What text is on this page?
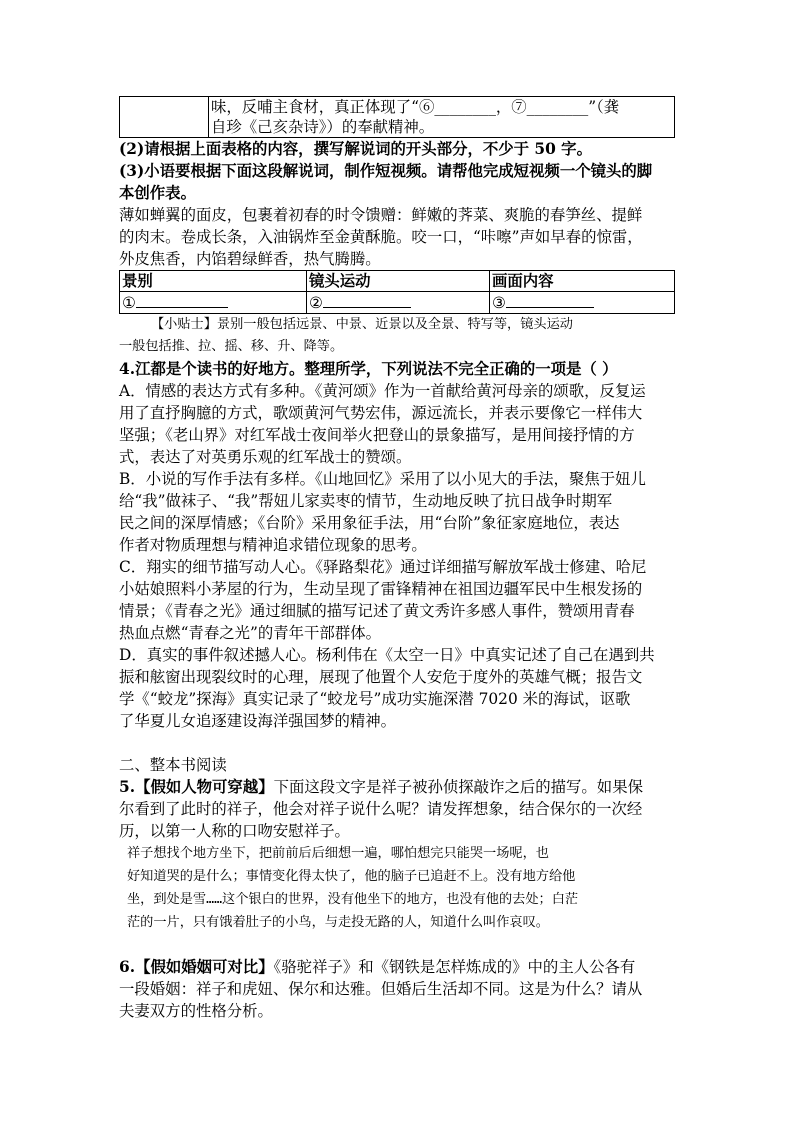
味，反哺主食材，真正体现了“⑥________，⑦________”（龚
自珍《己亥杂诗》）的奉献精神。
(2)请根据上面表格的内容，撰写解说词的开头部分，不少于 50 字。
(3)小语要根据下面这段解说词，制作短视频。请帮他完成短视频一个镜头的脚
本创作表。
薄如蝉翼的面皮，包裹着初春的时令馈赠：鲜嫩的荠菜、爽脆的春笋丝、提鲜
的肉末。卷成长条，入油锅炸至金黄酥脆。咬一口，“咔嚓”声如早春的惊雷，
外皮焦香，内馅碧绿鲜香，热气腾腾。
景别	镜头运动	画面内容
①	②	③
【小贴士】景别一般包括远景、中景、近景以及全景、特写等，镜头运动
一般包括推、拉、摇、移、升、降等。
4.江都是个读书的好地方。整理所学，下列说法不完全正确的一项是（ ）
A．情感的表达方式有多种。《黄河颂》作为一首献给黄河母亲的颂歌，反复运
用了直抒胸臆的方式，歌颂黄河气势宏伟，源远流长，并表示要像它一样伟大
坚强；《老山界》对红军战士夜间举火把登山的景象描写，是用间接抒情的方
式，表达了对英勇乐观的红军战士的赞颂。
B．小说的写作手法有多样。《山地回忆》采用了以小见大的手法，聚焦于妞儿
给“我”做袜子、“我”帮妞儿家卖枣的情节，生动地反映了抗日战争时期军
民之间的深厚情感；《台阶》采用象征手法，用“台阶”象征家庭地位，表达
作者对物质理想与精神追求错位现象的思考。
C．翔实的细节描写动人心。《驿路梨花》通过详细描写解放军战士修建、哈尼
小姑娘照料小茅屋的行为，生动呈现了雷锋精神在祖国边疆军民中生根发扬的
情景；《青春之光》通过细腻的描写记述了黄文秀许多感人事件，赞颂用青春
热血点燃“青春之光”的青年干部群体。
D．真实的事件叙述撼人心。杨利伟在《太空一日》中真实记述了自己在遇到共
振和舷窗出现裂纹时的心理，展现了他置个人安危于度外的英雄气概；报告文
学《“蛟龙”探海》真实记录了“蛟龙号”成功实施深潜 7020 米的海试，讴歌
了华夏儿女追逐建设海洋强国梦的精神。
二、整本书阅读
5.【假如人物可穿越】下面这段文字是祥子被孙侦探敲诈之后的描写。如果保
尔看到了此时的祥子，他会对祥子说什么呢？请发挥想象，结合保尔的一次经
历，以第一人称的口吻安慰祥子。
祥子想找个地方坐下，把前前后后细想一遍，哪怕想完只能哭一场呢，也
好知道哭的是什么；事情变化得太快了，他的脑子已追赶不上。没有地方给他
坐，到处是雪……这个银白的世界，没有他坐下的地方，也没有他的去处；白茫
茫的一片，只有饿着肚子的小鸟，与走投无路的人，知道什么叫作哀叹。
6.【假如婚姻可对比】《骆驼祥子》和《钢铁是怎样炼成的》中的主人公各有
一段婚姻：祥子和虎妞、保尔和达雅。但婚后生活却不同。这是为什么？请从
夫妻双方的性格分析。
